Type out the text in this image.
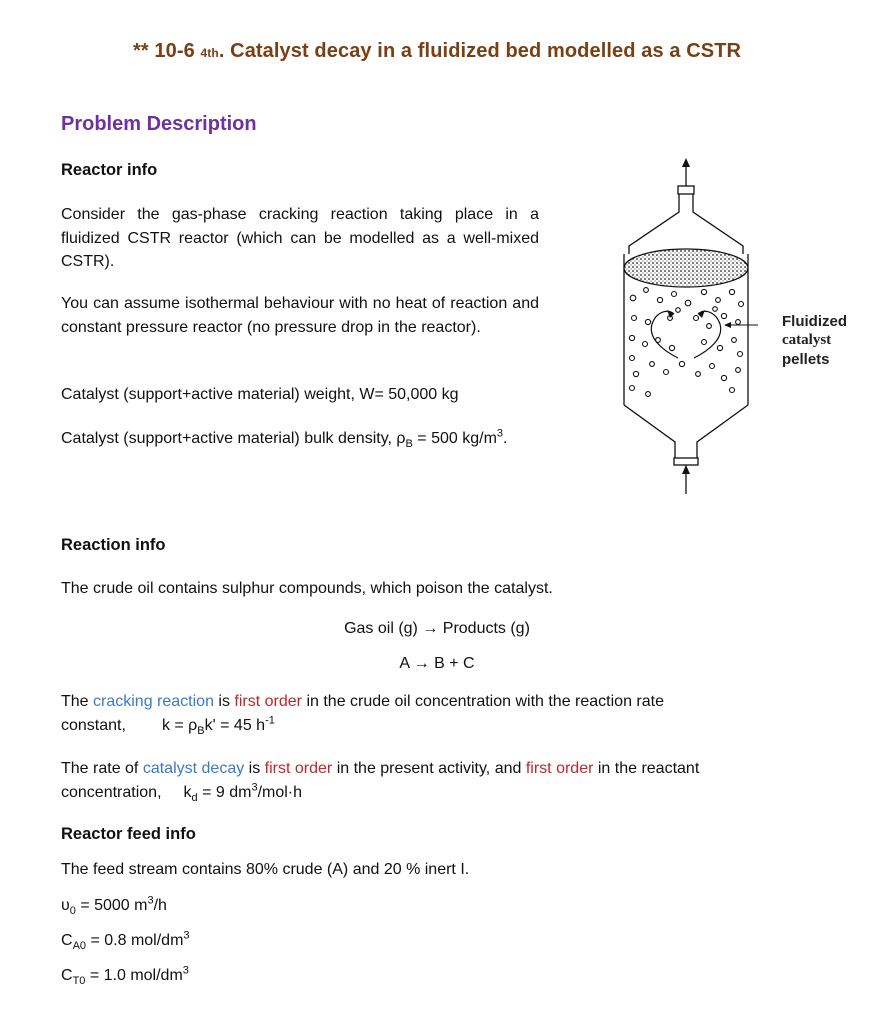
** 10-6 4th. Catalyst decay in a fluidized bed modelled as a CSTR
Problem Description
Reactor info
Consider the gas-phase cracking reaction taking place in a fluidized CSTR reactor (which can be modelled as a well-mixed CSTR).
You can assume isothermal behaviour with no heat of reaction and constant pressure reactor (no pressure drop in the reactor).
Catalyst (support+active material) weight, W= 50,000 kg
Catalyst (support+active material) bulk density, $\rho_B = 500$ $kg/m^3$.
Fluidized
catalyst
pellets
Reaction info
The crude oil contains sulphur compounds, which poison the catalyst.
Gas oil (g) → Products (g)
A → B + C
The cracking reaction is first order in the crude oil concentration with the reaction rate
constant, $k = \rho_Bk' = 45$ $h^{-1}$
The rate of catalyst decay is first order in the present activity, and first order in the reactant
concentration, $k_d = 9$ $dm^3/mol\cdot h$
Reactor feed info
The feed stream contains 80% crude (A) and 20 % inert I.
$\upsilon_0 = 5000$ $m^3/h$
$C_{A0} = 0.8$ mol/$dm^3$
$C_{T0} = 1.0$ mol/$dm^3$
